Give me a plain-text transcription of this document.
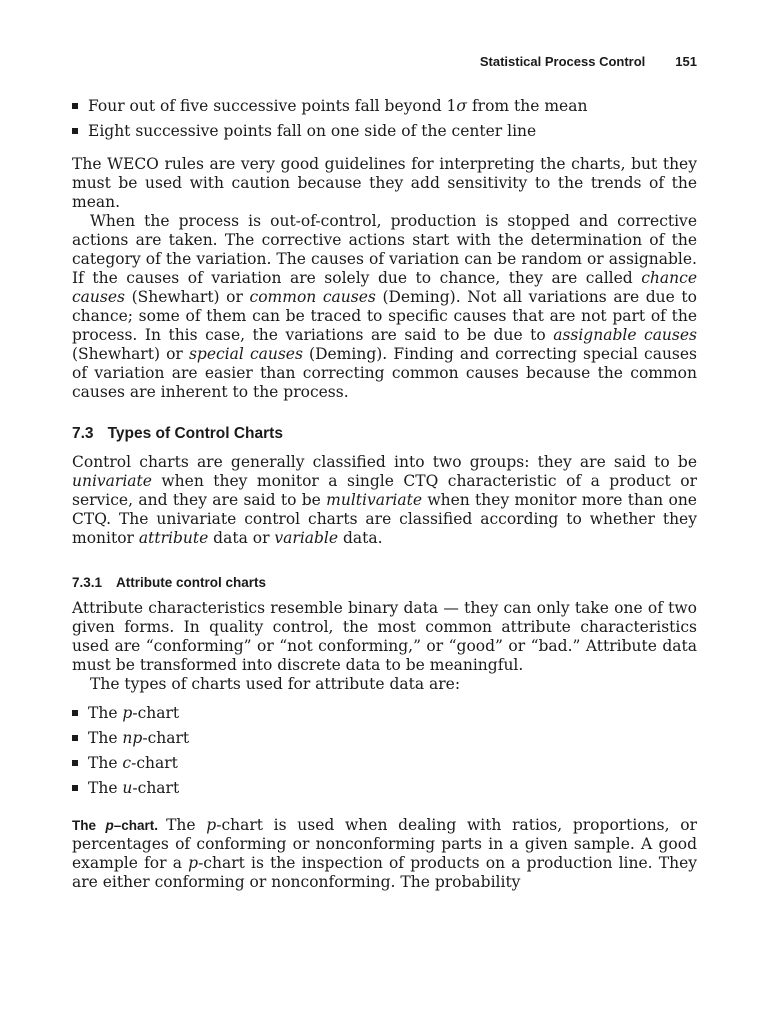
Statistical Process Control 151
Four out of five successive points fall beyond 1σ from the mean
Eight successive points fall on one side of the center line

The WECO rules are very good guidelines for interpreting the charts, but they must be used with caution because they add sensitivity to the trends of the mean.

When the process is out-of-control, production is stopped and corrective actions are taken. The corrective actions start with the determination of the category of the variation. The causes of variation can be random or assignable. If the causes of variation are solely due to chance, they are called chance causes (Shewhart) or common causes (Deming). Not all variations are due to chance; some of them can be traced to specific causes that are not part of the process. In this case, the variations are said to be due to assignable causes (Shewhart) or special causes (Deming). Finding and correcting special causes of variation are easier than correcting common causes because the common causes are inherent to the process.

7.3 Types of Control Charts

Control charts are generally classified into two groups: they are said to be univariate when they monitor a single CTQ characteristic of a product or service, and they are said to be multivariate when they monitor more than one CTQ. The univariate control charts are classified according to whether they monitor attribute data or variable data.

7.3.1 Attribute control charts

Attribute characteristics resemble binary data — they can only take one of two given forms. In quality control, the most common attribute characteristics used are “conforming” or “not conforming,” or “good” or “bad.” Attribute data must be transformed into discrete data to be meaningful.

The types of charts used for attribute data are:

The p-chart
The np-chart
The c-chart
The u-chart

The p–chart. The p-chart is used when dealing with ratios, proportions, or percentages of conforming or nonconforming parts in a given sample. A good example for a p-chart is the inspection of products on a production line. They are either conforming or nonconforming. The probability
